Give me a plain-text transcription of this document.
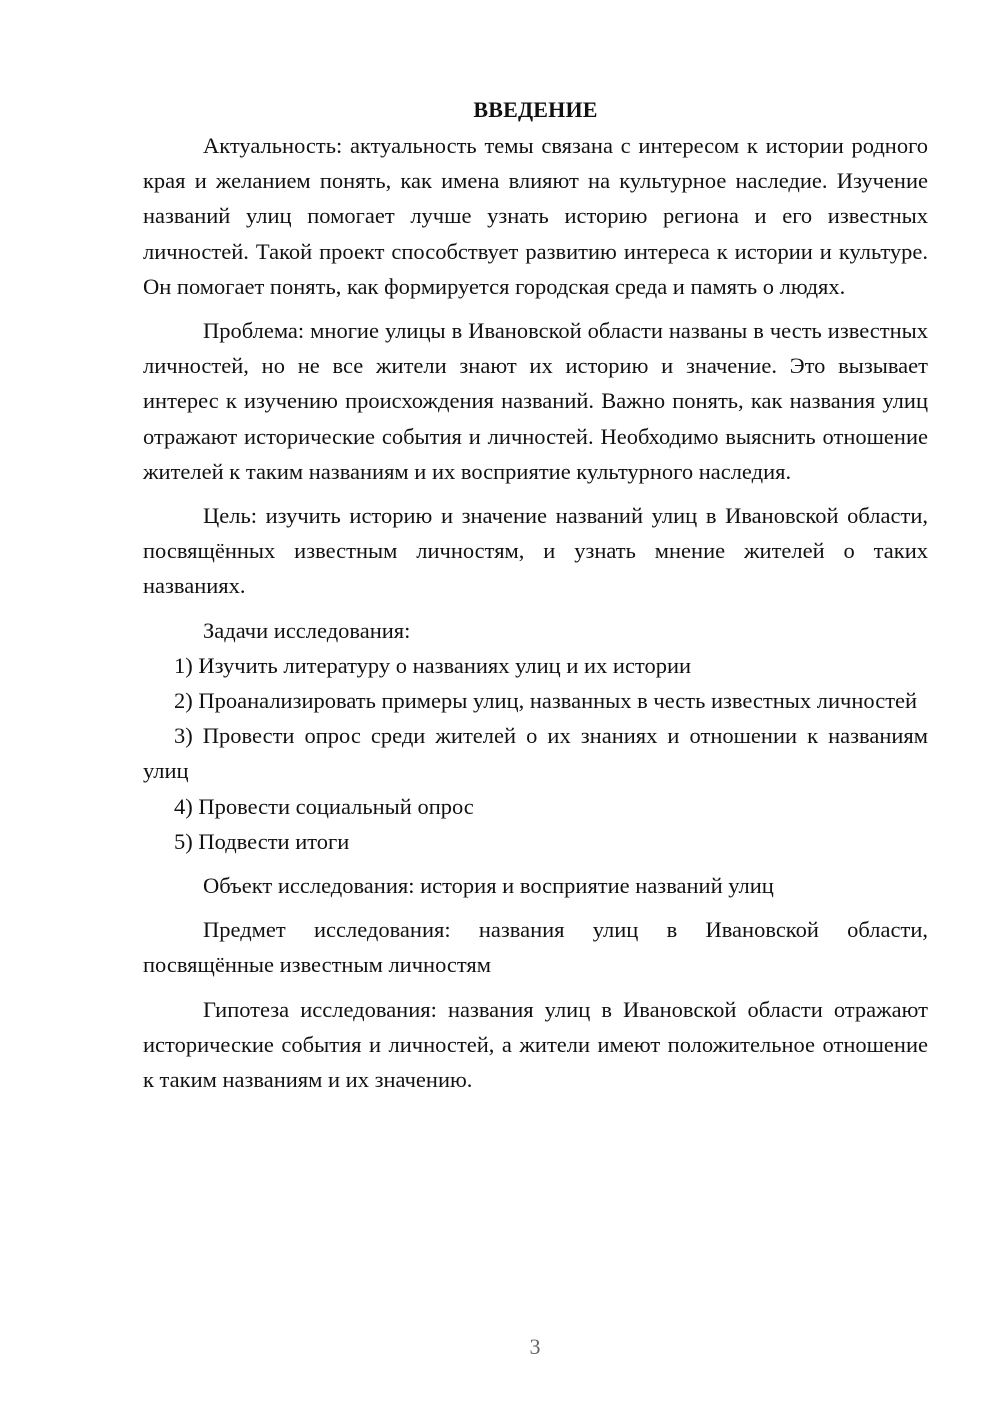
ВВЕДЕНИЕ

Актуальность: актуальность темы связана с интересом к истории родного края и желанием понять, как имена влияют на культурное наследие. Изучение названий улиц помогает лучше узнать историю региона и его известных личностей. Такой проект способствует развитию интереса к истории и культуре. Он помогает понять, как формируется городская среда и память о людях.

Проблема: многие улицы в Ивановской области названы в честь известных личностей, но не все жители знают их историю и значение. Это вызывает интерес к изучению происхождения названий. Важно понять, как названия улиц отражают исторические события и личностей. Необходимо выяснить отношение жителей к таким названиям и их восприятие культурного наследия.

Цель: изучить историю и значение названий улиц в Ивановской области, посвящённых известным личностям, и узнать мнение жителей о таких названиях.

Задачи исследования:

1) Изучить литературу о названиях улиц и их истории

2) Проанализировать примеры улиц, названных в честь известных личностей

3) Провести опрос среди жителей о их знаниях и отношении к названиям улиц

4) Провести социальный опрос

5) Подвести итоги

Объект исследования: история и восприятие названий улиц

Предмет исследования: названия улиц в Ивановской области, посвящённые известным личностям

Гипотеза исследования: названия улиц в Ивановской области отражают исторические события и личностей, а жители имеют положительное отношение к таким названиям и их значению.

3
